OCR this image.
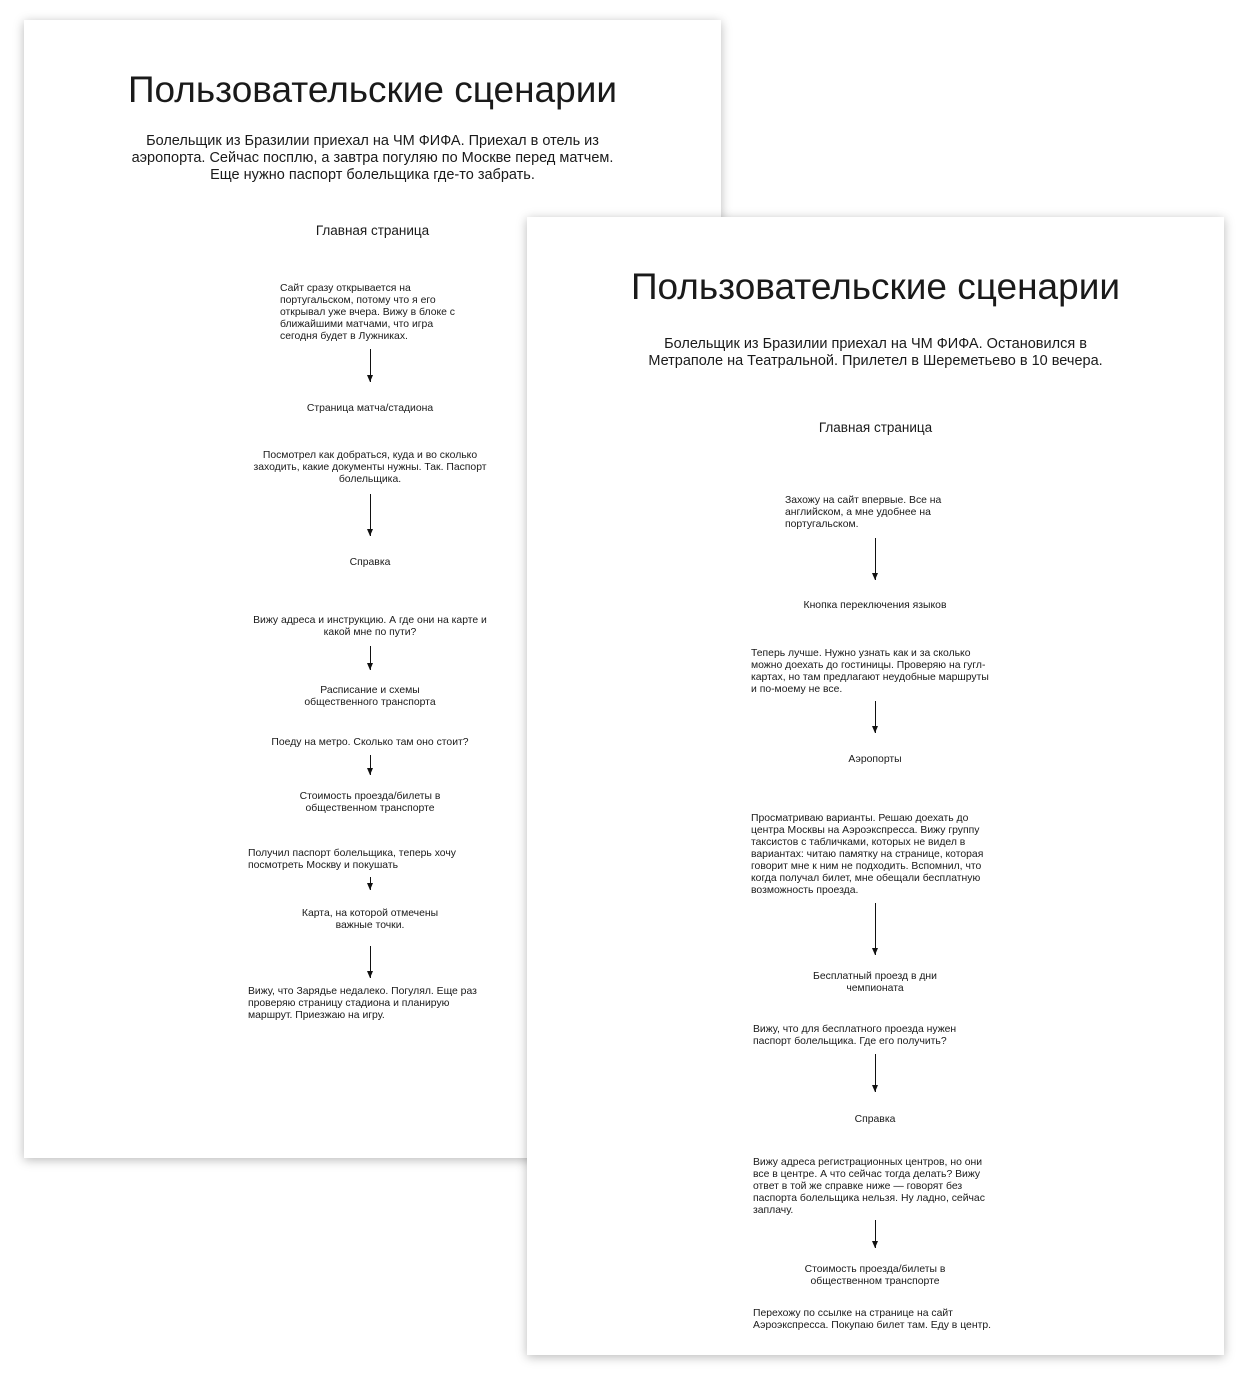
Пользовательские сценарии
Болельщик из Бразилии приехал на ЧМ ФИФА. Приехал в отель из
аэропорта. Сейчас посплю, а завтра погуляю по Москве перед матчем.
Еще нужно паспорт болельщика где-то забрать.
Главная страница
Сайт сразу открывается на
португальском, потому что я его
открывал уже вчера. Вижу в блоке с
ближайшими матчами, что игра
сегодня будет в Лужниках.
Страница матча/стадиона
Посмотрел как добраться, куда и во сколько
заходить, какие документы нужны. Так. Паспорт
болельщика.
Справка
Вижу адреса и инструкцию. А где они на карте и
какой мне по пути?
Расписание и схемы
общественного транспорта
Поеду на метро. Сколько там оно стоит?
Стоимость проезда/билеты в
общественном транспорте
Получил паспорт болельщика, теперь хочу
посмотреть Москву и покушать
Карта, на которой отмечены
важные точки.
Вижу, что Зарядье недалеко. Погулял. Еще раз
проверяю страницу стадиона и планирую
маршрут. Приезжаю на игру.
Пользовательские сценарии
Болельщик из Бразилии приехал на ЧМ ФИФА. Остановился в
Метраполе на Театральной. Прилетел в Шереметьево в 10 вечера.
Главная страница
Захожу на сайт впервые. Все на
английском, а мне удобнее на
португальском.
Кнопка переключения языков
Теперь лучше. Нужно узнать как и за сколько
можно доехать до гостиницы. Проверяю на гугл-
картах, но там предлагают неудобные маршруты
и по-моему не все.
Аэропорты
Просматриваю варианты. Решаю доехать до
центра Москвы на Аэроэкспресса. Вижу группу
таксистов с табличками, которых не видел в
вариантах: читаю памятку на странице, которая
говорит мне к ним не подходить. Вспомнил, что
когда получал билет, мне обещали бесплатную
возможность проезда.
Бесплатный проезд в дни
чемпионата
Вижу, что для бесплатного проезда нужен
паспорт болельщика. Где его получить?
Справка
Вижу адреса регистрационных центров, но они
все в центре. А что сейчас тогда делать? Вижу
ответ в той же справке ниже — говорят без
паспорта болельщика нельзя. Ну ладно, сейчас
заплачу.
Стоимость проезда/билеты в
общественном транспорте
Перехожу по ссылке на странице на сайт
Аэроэкспресса. Покупаю билет там. Еду в центр.
